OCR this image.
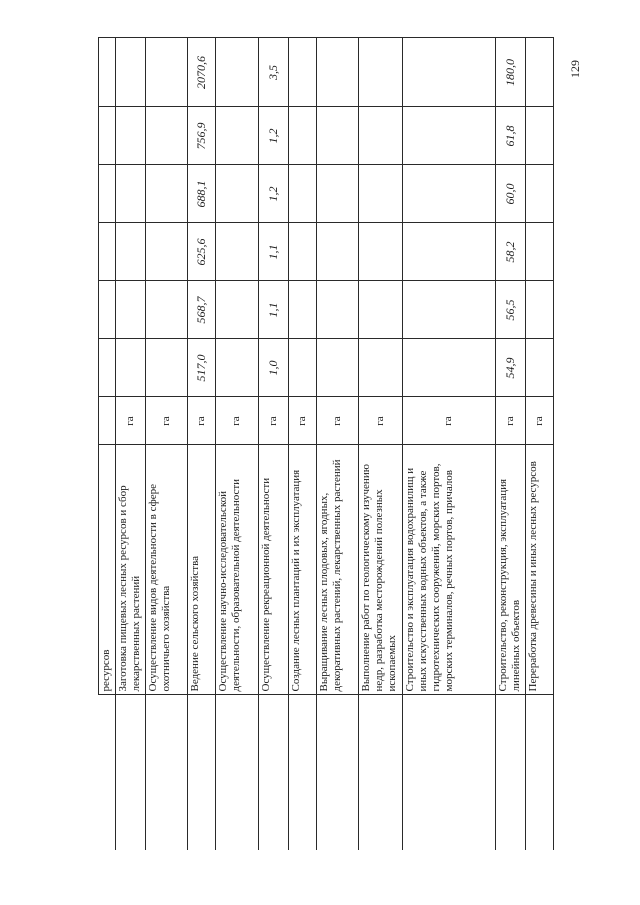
	ресурсов							
	Заготовка пищевых лесных ресурсов и сбор лекарственных растений	га						
	Осуществление видов деятельности в сфере охотничьего хозяйства	га						
	Ведение сельского хозяйства	га	517,0	568,7	625,6	688,1	756,9	2070,6
	Осуществление научно-исследовательской деятельности, образовательной деятельности	га						
	Осуществление рекреационной деятельности	га	1,0	1,1	1,1	1,2	1,2	3,5
	Создание лесных плантаций и их эксплуатация	га						
	Выращивание лесных плодовых, ягодных, декоративных растений, лекарственных растений	га						
	Выполнение работ по геологическому изучению недр, разработка месторождений полезных ископаемых	га						
	Строительство и эксплуатация водохранилищ и иных искусственных водных объектов, а также гидротехнических сооружений, морских портов, морских терминалов, речных портов, причалов	га						
	Строительство, реконструкция, эксплуатация линейных объектов	га	54,9	56,5	58,2	60,0	61,8	180,0
	Переработка древесины и иных лесных ресурсов	га						
129
